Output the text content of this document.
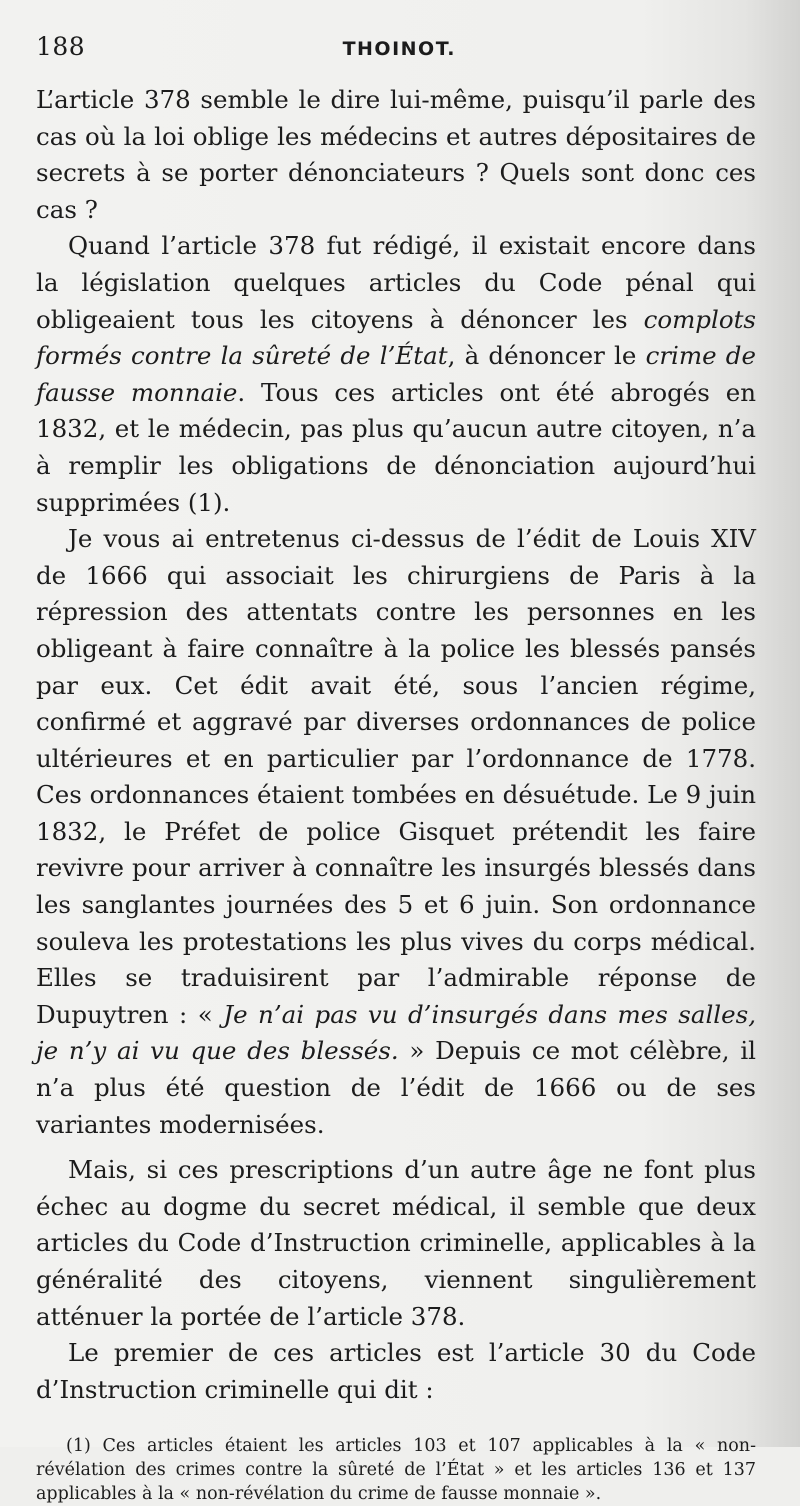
188	THOINOT.

L’article 378 semble le dire lui-même, puisqu’il parle des cas où la loi oblige les médecins et autres dépositaires de secrets à se porter dénonciateurs ? Quels sont donc ces cas ?

Quand l’article 378 fut rédigé, il existait encore dans la législation quelques articles du Code pénal qui obligeaient tous les citoyens à dénoncer les complots formés contre la sûreté de l’État, à dénoncer le crime de fausse monnaie. Tous ces articles ont été abrogés en 1832, et le médecin, pas plus qu’aucun autre citoyen, n’a à remplir les obligations de dénonciation aujourd’hui supprimées (1).

Je vous ai entretenus ci-dessus de l’édit de Louis XIV de 1666 qui associait les chirurgiens de Paris à la répression des attentats contre les personnes en les obligeant à faire connaître à la police les blessés pansés par eux. Cet édit avait été, sous l’ancien régime, confirmé et aggravé par diverses ordonnances de police ultérieures et en particulier par l’ordonnance de 1778. Ces ordonnances étaient tombées en désuétude. Le 9 juin 1832, le Préfet de police Gisquet prétendit les faire revivre pour arriver à connaître les insurgés blessés dans les sanglantes journées des 5 et 6 juin. Son ordonnance souleva les protestations les plus vives du corps médical. Elles se traduisirent par l’admirable réponse de Dupuytren : « Je n’ai pas vu d’insurgés dans mes salles, je n’y ai vu que des blessés. » Depuis ce mot célèbre, il n’a plus été question de l’édit de 1666 ou de ses variantes modernisées.

Mais, si ces prescriptions d’un autre âge ne font plus échec au dogme du secret médical, il semble que deux articles du Code d’Instruction criminelle, applicables à la généralité des citoyens, viennent singulièrement atténuer la portée de l’article 378.

Le premier de ces articles est l’article 30 du Code d’Instruction criminelle qui dit :

(1) Ces articles étaient les articles 103 et 107 applicables à la « non-révélation des crimes contre la sûreté de l’État » et les articles 136 et 137 applicables à la « non-révélation du crime de fausse monnaie ».
